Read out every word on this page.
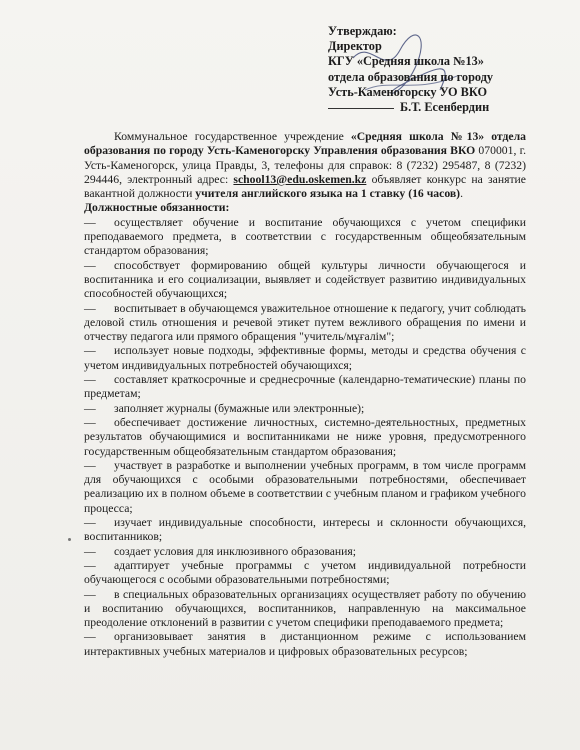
Утверждаю:
Директор
КГУ «Средняя школа №13»
отдела образования по городу
Усть-Каменогорску УО ВКО
Б.Т. Есенбердин

Коммунальное государственное учреждение «Средняя школа №13» отдела образования по городу Усть-Каменогорску Управления образования ВКО 070001, г. Усть-Каменогорск, улица Правды, 3, телефоны для справок: 8 (7232) 295487, 8 (7232) 294446, электронный адрес: school13@edu.oskemen.kz объявляет конкурс на занятие вакантной должности учителя английского языка на 1 ставку (16 часов).

Должностные обязанности:

— осуществляет обучение и воспитание обучающихся с учетом специфики преподаваемого предмета, в соответствии с государственным общеобязательным стандартом образования;

— способствует формированию общей культуры личности обучающегося и воспитанника и его социализации, выявляет и содействует развитию индивидуальных способностей обучающихся;

— воспитывает в обучающемся уважительное отношение к педагогу, учит соблюдать деловой стиль отношения и речевой этикет путем вежливого обращения по имени и отчеству педагога или прямого обращения "учитель/мұғалім";

— использует новые подходы, эффективные формы, методы и средства обучения с учетом индивидуальных потребностей обучающихся;

— составляет краткосрочные и среднесрочные (календарно-тематические) планы по предметам;

— заполняет журналы (бумажные или электронные);

— обеспечивает достижение личностных, системно-деятельностных, предметных результатов обучающимися и воспитанниками не ниже уровня, предусмотренного государственным общеобязательным стандартом образования;

— участвует в разработке и выполнении учебных программ, в том числе программ для обучающихся с особыми образовательными потребностями, обеспечивает реализацию их в полном объеме в соответствии с учебным планом и графиком учебного процесса;

— изучает индивидуальные способности, интересы и склонности обучающихся, воспитанников;

— создает условия для инклюзивного образования;

— адаптирует учебные программы с учетом индивидуальной потребности обучающегося с особыми образовательными потребностями;

— в специальных образовательных организациях осуществляет работу по обучению и воспитанию обучающихся, воспитанников, направленную на максимальное преодоление отклонений в развитии с учетом специфики преподаваемого предмета;

— организовывает занятия в дистанционном режиме с использованием интерактивных учебных материалов и цифровых образовательных ресурсов;
